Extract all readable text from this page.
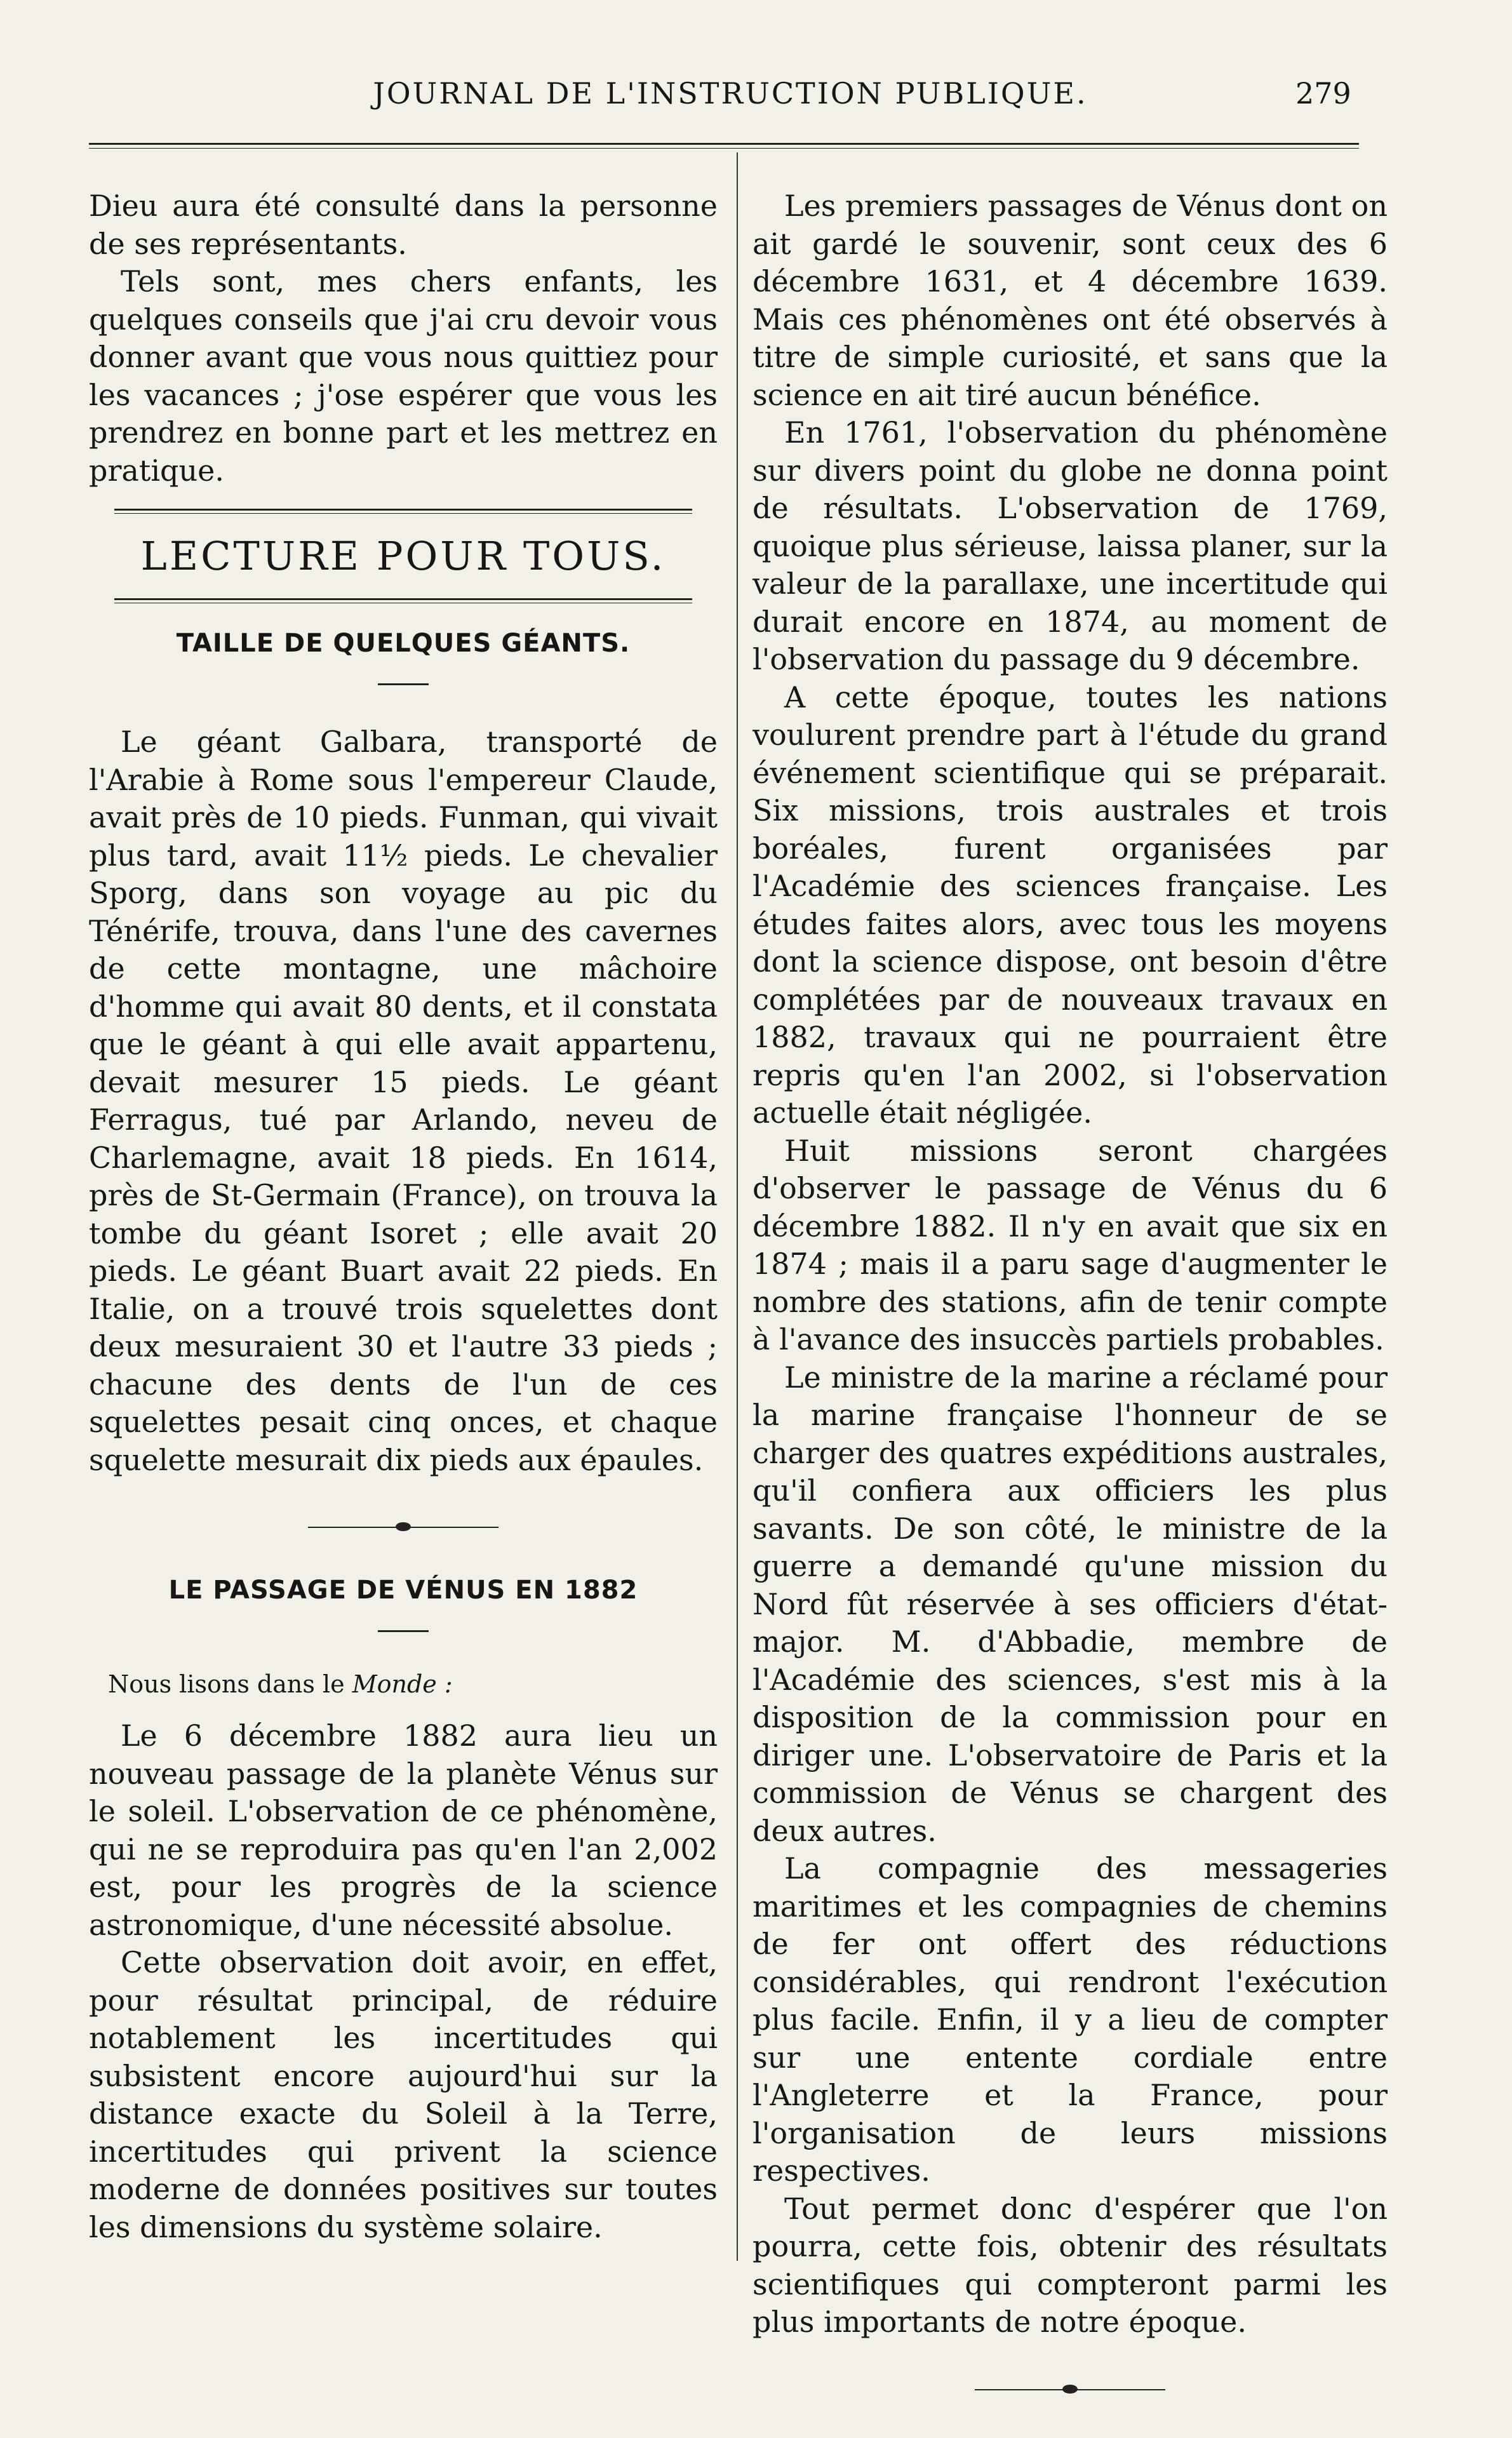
JOURNAL DE L'INSTRUCTION PUBLIQUE.	279

Dieu aura été consulté dans la personne de ses représentants.

Tels sont, mes chers enfants, les quelques conseils que j'ai cru devoir vous donner avant que vous nous quittiez pour les vacances ; j'ose espérer que vous les prendrez en bonne part et les mettrez en pratique.

LECTURE POUR TOUS.
TAILLE DE QUELQUES GÉANTS.

Le géant Galbara, transporté de l'Arabie à Rome sous l'empereur Claude, avait près de 10 pieds. Funman, qui vivait plus tard, avait 11½ pieds. Le chevalier Sporg, dans son voyage au pic du Ténérife, trouva, dans l'une des cavernes de cette montagne, une mâchoire d'homme qui avait 80 dents, et il constata que le géant à qui elle avait appartenu, devait mesurer 15 pieds. Le géant Ferragus, tué par Arlando, neveu de Charlemagne, avait 18 pieds. En 1614, près de St-Germain (France), on trouva la tombe du géant Isoret ; elle avait 20 pieds. Le géant Buart avait 22 pieds. En Italie, on a trouvé trois squelettes dont deux mesuraient 30 et l'autre 33 pieds ; chacune des dents de l'un de ces squelettes pesait cinq onces, et chaque squelette mesurait dix pieds aux épaules.

LE PASSAGE DE VÉNUS EN 1882
Nous lisons dans le Monde :

Le 6 décembre 1882 aura lieu un nouveau passage de la planète Vénus sur le soleil. L'observation de ce phénomène, qui ne se reproduira pas qu'en l'an 2,002 est, pour les progrès de la science astronomique, d'une nécessité absolue.

Cette observation doit avoir, en effet, pour résultat principal, de réduire notablement les incertitudes qui subsistent encore aujourd'hui sur la distance exacte du Soleil à la Terre, incertitudes qui privent la science moderne de données positives sur toutes les dimensions du système solaire.

Les premiers passages de Vénus dont on ait gardé le souvenir, sont ceux des 6 décembre 1631, et 4 décembre 1639. Mais ces phénomènes ont été observés à titre de simple curiosité, et sans que la science en ait tiré aucun bénéfice.

En 1761, l'observation du phénomène sur divers point du globe ne donna point de résultats. L'observation de 1769, quoique plus sérieuse, laissa planer, sur la valeur de la parallaxe, une incertitude qui durait encore en 1874, au moment de l'observation du passage du 9 décembre.

A cette époque, toutes les nations voulurent prendre part à l'étude du grand événement scientifique qui se préparait. Six missions, trois australes et trois boréales, furent organisées par l'Académie des sciences française. Les études faites alors, avec tous les moyens dont la science dispose, ont besoin d'être complétées par de nouveaux travaux en 1882, travaux qui ne pourraient être repris qu'en l'an 2002, si l'observation actuelle était négligée.

Huit missions seront chargées d'observer le passage de Vénus du 6 décembre 1882. Il n'y en avait que six en 1874 ; mais il a paru sage d'augmenter le nombre des stations, afin de tenir compte à l'avance des insuccès partiels probables.

Le ministre de la marine a réclamé pour la marine française l'honneur de se charger des quatres expéditions australes, qu'il confiera aux officiers les plus savants. De son côté, le ministre de la guerre a demandé qu'une mission du Nord fût réservée à ses officiers d'état-major. M. d'Abbadie, membre de l'Académie des sciences, s'est mis à la disposition de la commission pour en diriger une. L'observatoire de Paris et la commission de Vénus se chargent des deux autres.

La compagnie des messageries maritimes et les compagnies de chemins de fer ont offert des réductions considérables, qui rendront l'exécution plus facile. Enfin, il y a lieu de compter sur une entente cordiale entre l'Angleterre et la France, pour l'organisation de leurs missions respectives.

Tout permet donc d'espérer que l'on pourra, cette fois, obtenir des résultats scientifiques qui compteront parmi les plus importants de notre époque.
